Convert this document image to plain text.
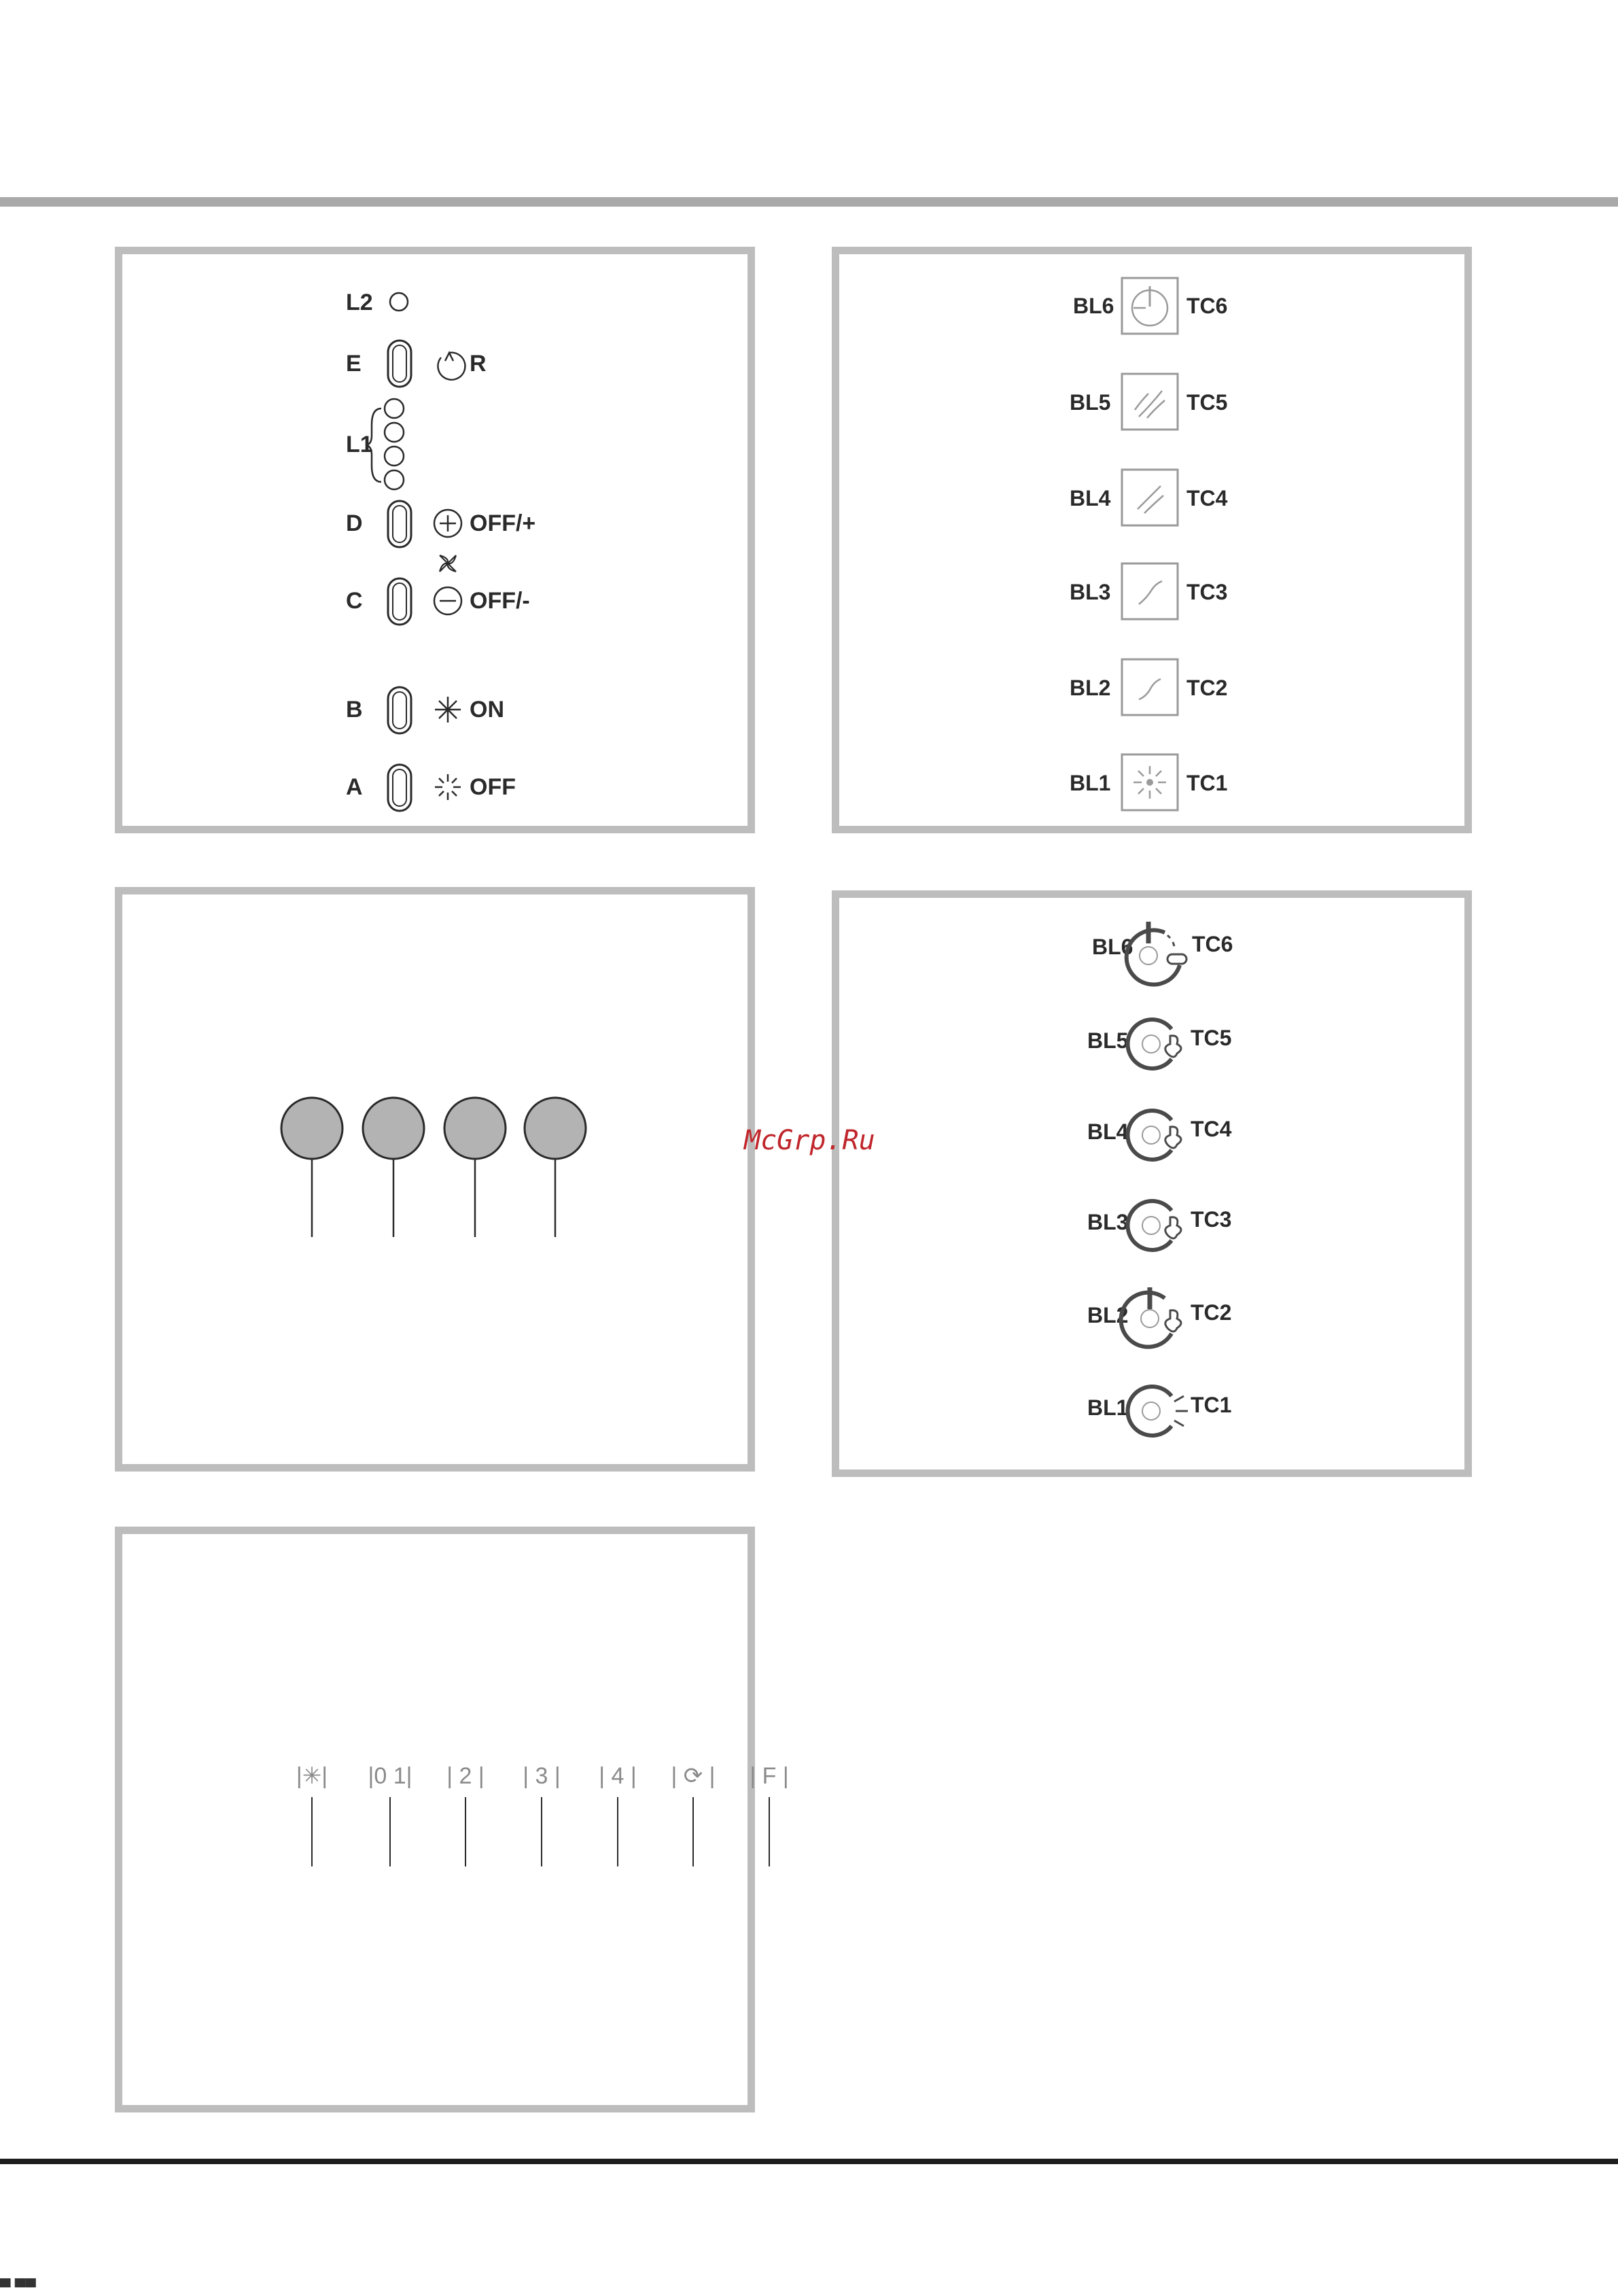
L2
E	R
L1
D	OFF/+
C	OFF/-
B	ON
A	OFF
BL6	TC6
BL5	TC5
BL4	TC4
BL3	TC3
BL2	TC2
BL1	TC1
BL6	TC6
BL5	TC5
BL4	TC4
BL3	TC3
BL2	TC2
BL1	TC1
|✳| |0 1| | 2 | | 3 | | 4 | | ⟳ | | F |
McGrp.Ru
▀ ▀▀
